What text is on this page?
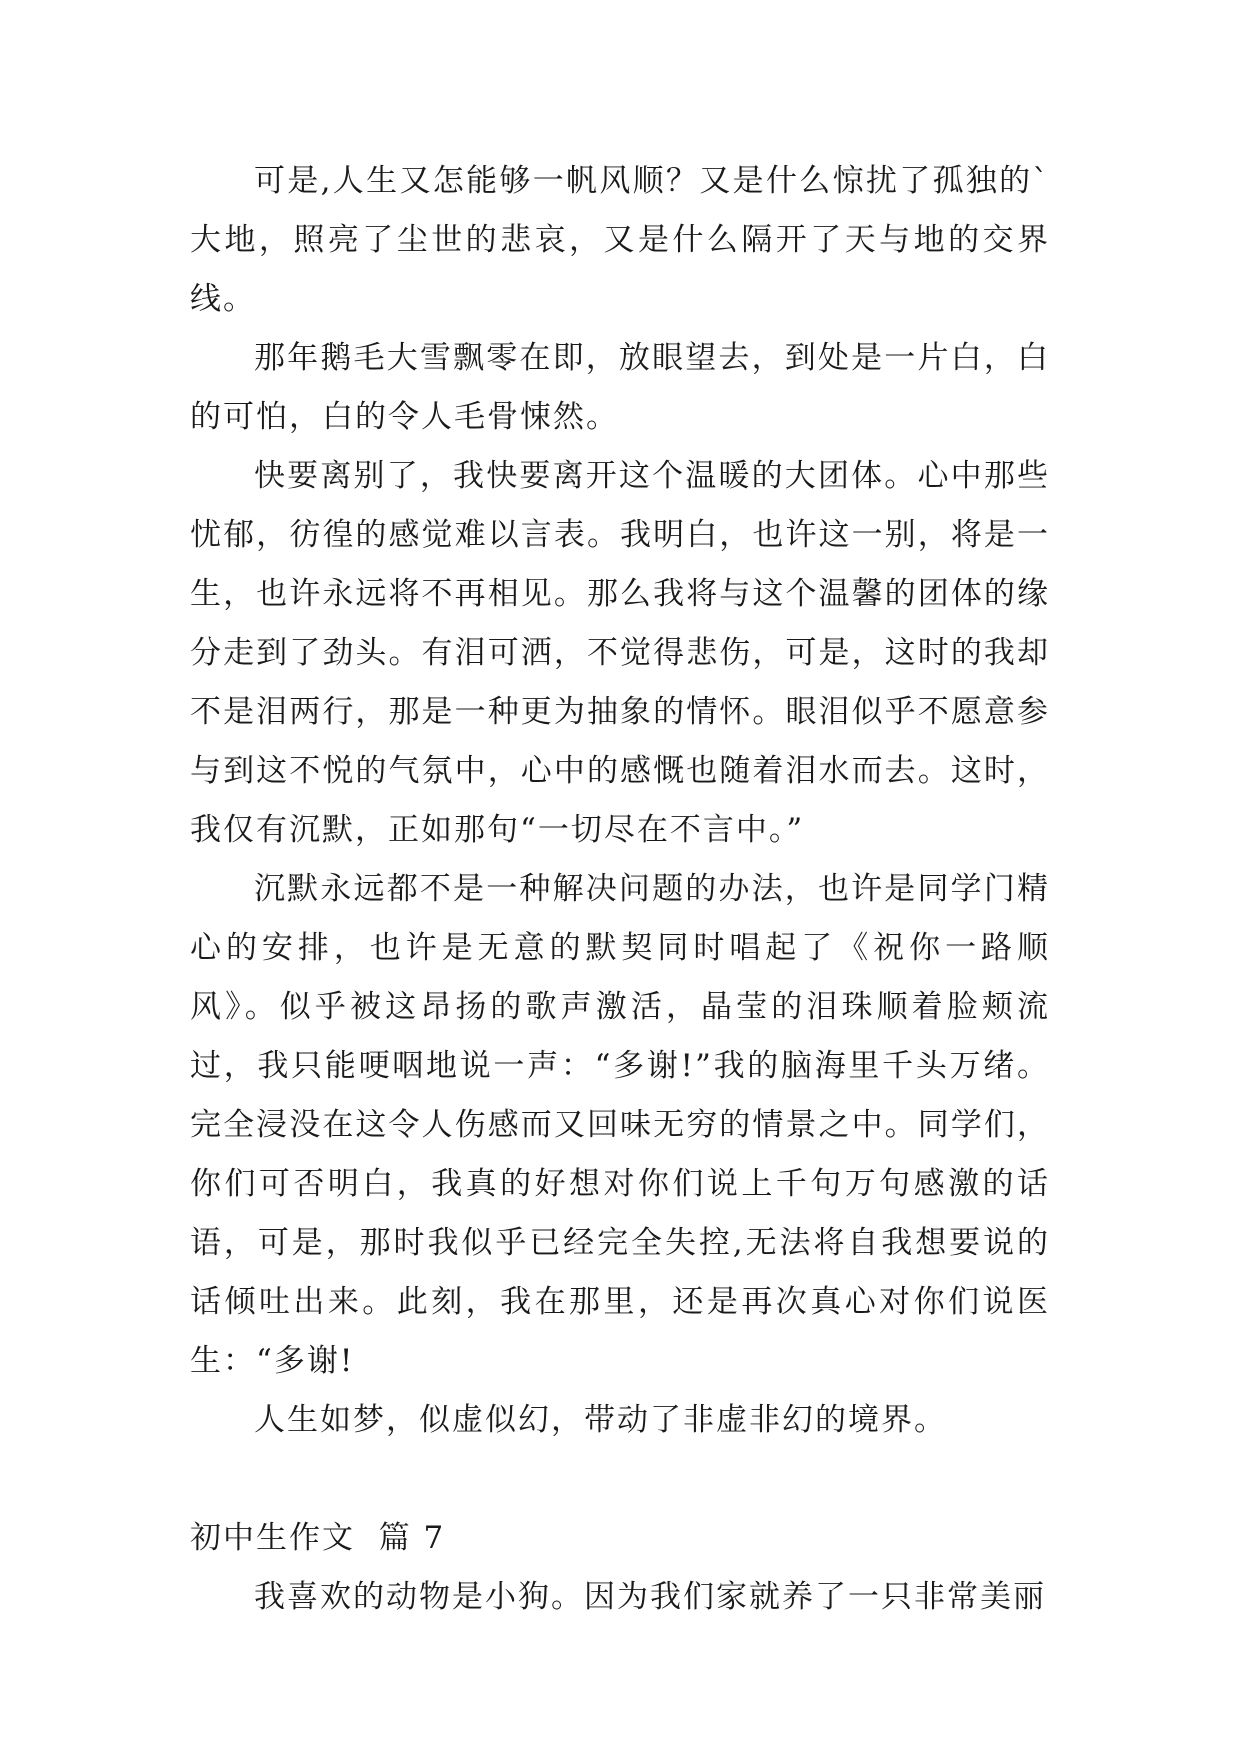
可是,人生又怎能够一帆风顺？又是什么惊扰了孤独的`大地，照亮了尘世的悲哀，又是什么隔开了天与地的交界线。

那年鹅毛大雪飘零在即，放眼望去，到处是一片白，白的可怕，白的令人毛骨悚然。

快要离别了，我快要离开这个温暖的大团体。心中那些忧郁，彷徨的感觉难以言表。我明白，也许这一别，将是一生，也许永远将不再相见。那么我将与这个温馨的团体的缘分走到了劲头。有泪可洒，不觉得悲伤，可是，这时的我却不是泪两行，那是一种更为抽象的情怀。眼泪似乎不愿意参与到这不悦的气氛中，心中的感慨也随着泪水而去。这时，我仅有沉默，正如那句“一切尽在不言中。”

沉默永远都不是一种解决问题的办法，也许是同学门精心的安排，也许是无意的默契同时唱起了《祝你一路顺风》。似乎被这昂扬的歌声激活，晶莹的泪珠顺着脸颊流过，我只能哽咽地说一声：“多谢!”我的脑海里千头万绪。完全浸没在这令人伤感而又回味无穷的情景之中。同学们，你们可否明白，我真的好想对你们说上千句万句感激的话语，可是，那时我似乎已经完全失控,无法将自我想要说的话倾吐出来。此刻，我在那里，还是再次真心对你们说医生：“多谢!

人生如梦，似虚似幻，带动了非虚非幻的境界。

初中生作文  篇 7

我喜欢的动物是小狗。因为我们家就养了一只非常美丽
